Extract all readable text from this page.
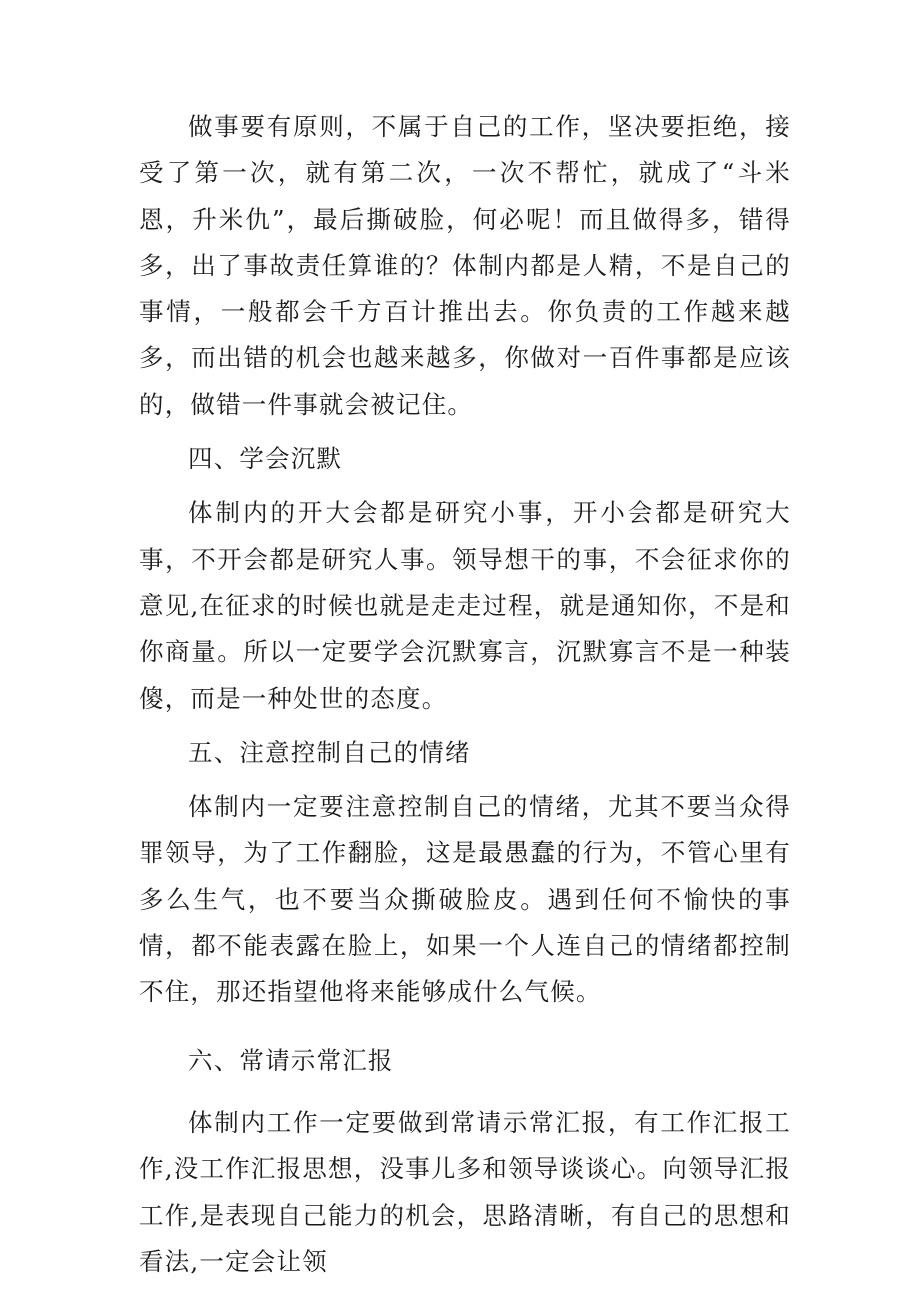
做事要有原则，不属于自己的工作，坚决要拒绝，接受了第一次，就有第二次，一次不帮忙，就成了“斗米恩，升米仇”，最后撕破脸，何必呢！而且做得多，错得多，出了事故责任算谁的？体制内都是人精，不是自己的事情，一般都会千方百计推出去。你负责的工作越来越多，而出错的机会也越来越多，你做对一百件事都是应该的，做错一件事就会被记住。

四、学会沉默

体制内的开大会都是研究小事，开小会都是研究大事，不开会都是研究人事。领导想干的事，不会征求你的意见,在征求的时候也就是走走过程，就是通知你，不是和你商量。所以一定要学会沉默寡言，沉默寡言不是一种装傻，而是一种处世的态度。

五、注意控制自己的情绪

体制内一定要注意控制自己的情绪，尤其不要当众得罪领导，为了工作翻脸，这是最愚蠢的行为，不管心里有多么生气，也不要当众撕破脸皮。遇到任何不愉快的事情，都不能表露在脸上，如果一个人连自己的情绪都控制不住，那还指望他将来能够成什么气候。

六、常请示常汇报

体制内工作一定要做到常请示常汇报，有工作汇报工作,没工作汇报思想，没事儿多和领导谈谈心。向领导汇报工作,是表现自己能力的机会，思路清晰，有自己的思想和看法,一定会让领
